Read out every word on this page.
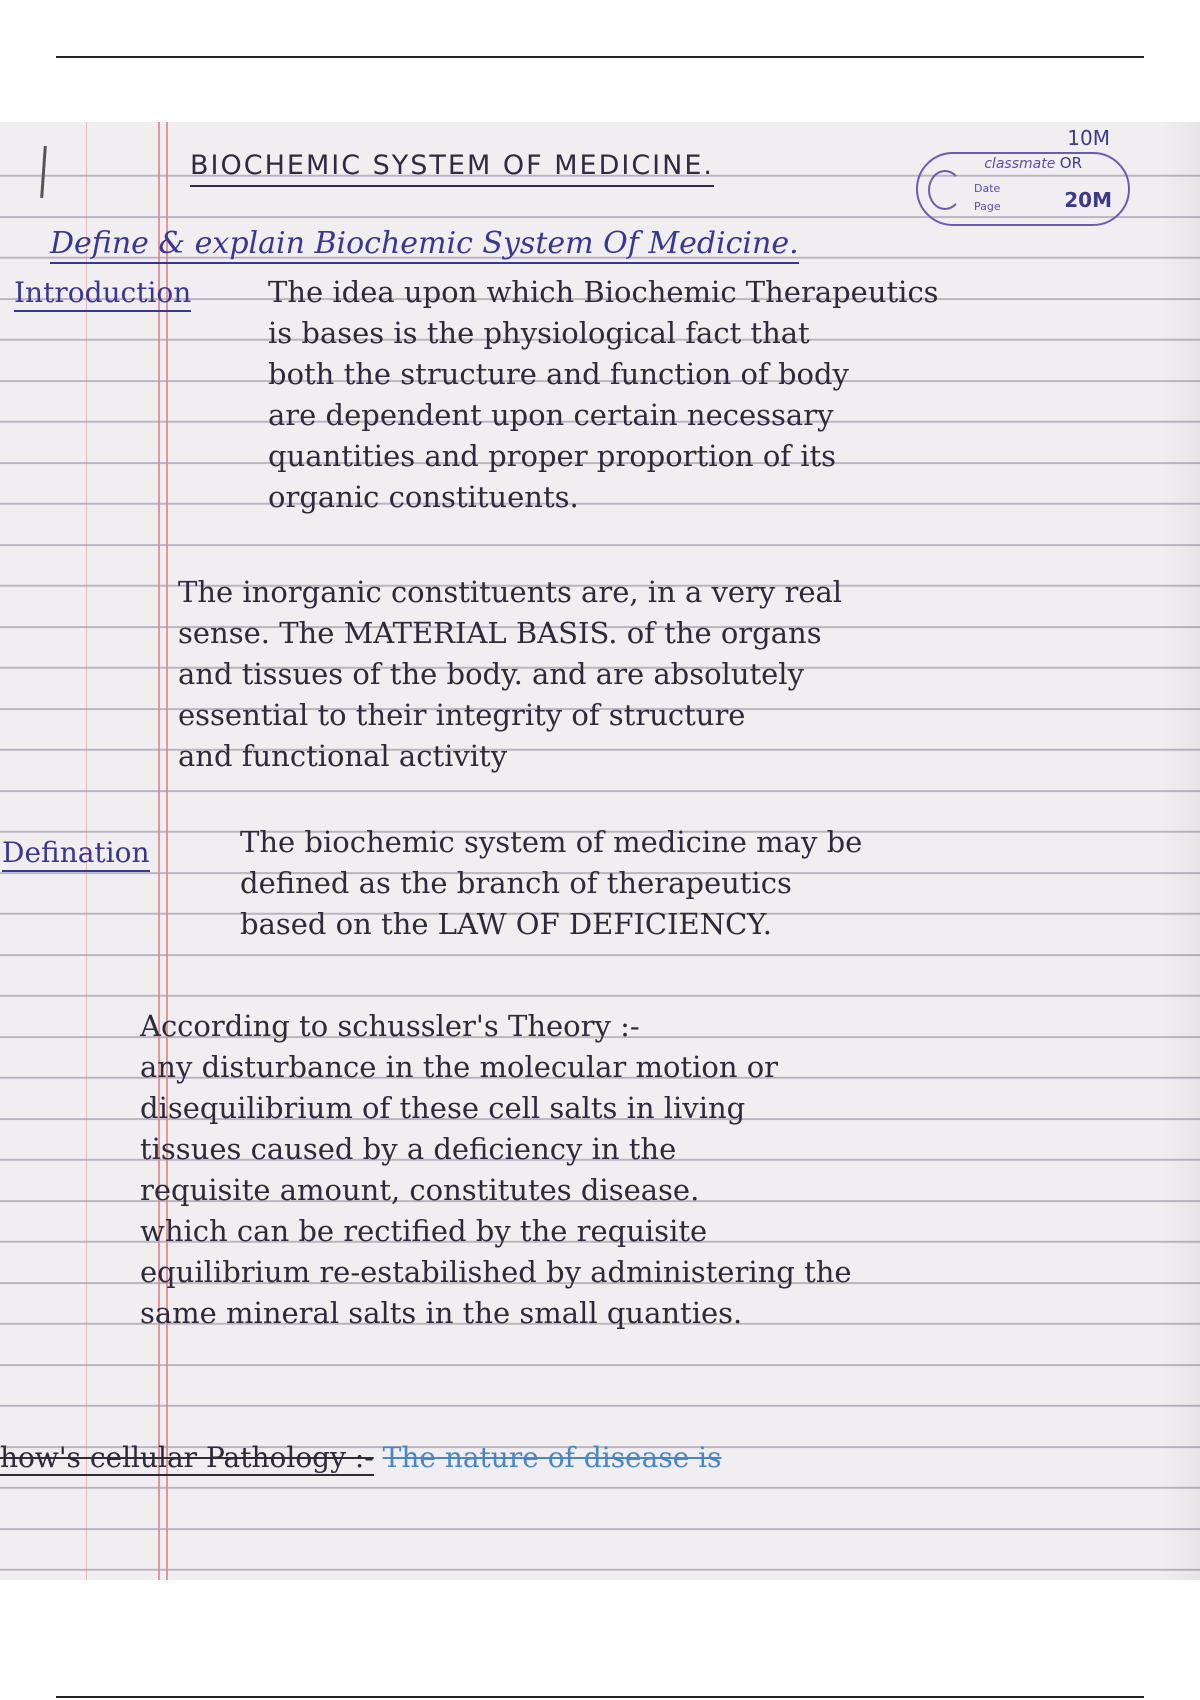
BIOCHEMIC SYSTEM OF MEDICINE.
10M
classmate OR
Date
Page	20M
Define & explain Biochemic System Of Medicine.
Introduction	The idea upon which Biochemic Therapeutics
is bases is the physiological fact that
both the structure and function of body
are dependent upon certain necessary
quantities and proper proportion of its
organic constituents.
The inorganic constituents are, in a very real
sense. The MATERIAL BASIS. of the organs
and tissues of the body. and are absolutely
essential to their integrity of structure
and functional activity
Defination	The biochemic system of medicine may be
defined as the branch of therapeutics
based on the LAW OF DEFICIENCY.
According to schussler's Theory :-
any disturbance in the molecular motion or
disequilibrium of these cell salts in living
tissues caused by a deficiency in the
requisite amount, constitutes disease.
which can be rectified by the requisite
equilibrium re-estabilished by administering the
same mineral salts in the small quanties.
how's cellular Pathology :- The nature of disease is
